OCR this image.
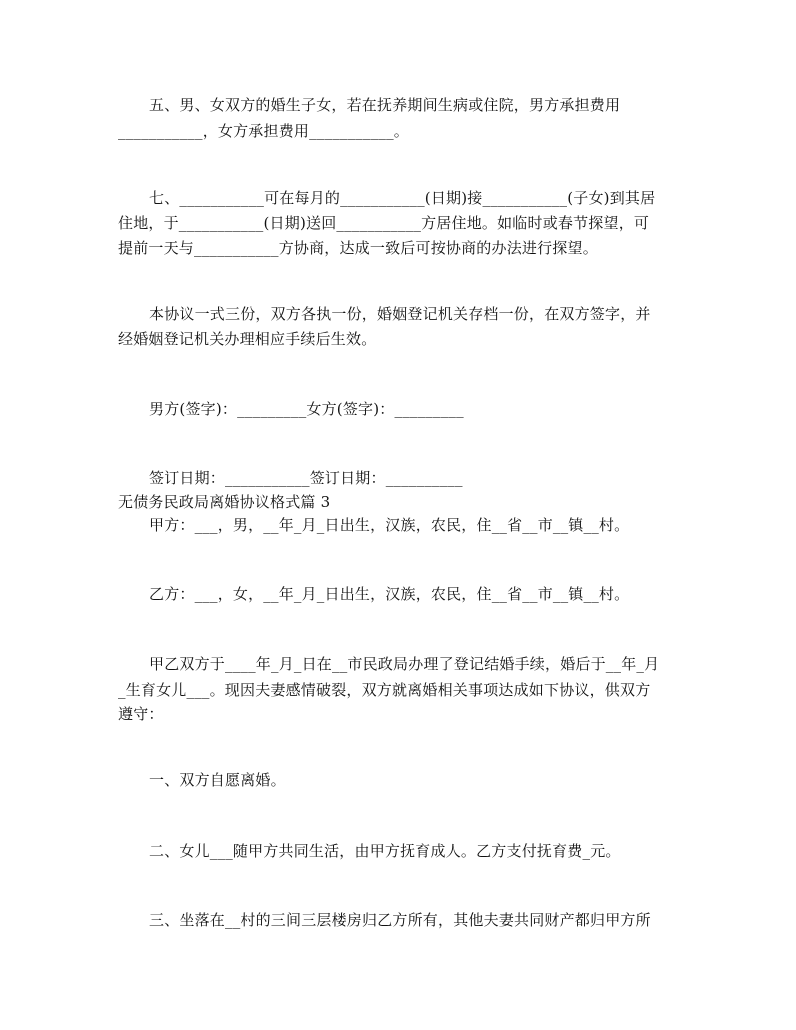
五、男、女双方的婚生子女，若在抚养期间生病或住院，男方承担费用
___________，女方承担费用___________。
七、___________可在每月的___________(日期)接___________(子女)到其居
住地，于___________(日期)送回___________方居住地。如临时或春节探望，可
提前一天与___________方协商，达成一致后可按协商的办法进行探望。
本协议一式三份，双方各执一份，婚姻登记机关存档一份，在双方签字，并
经婚姻登记机关办理相应手续后生效。
男方(签字)：_________女方(签字)：_________
签订日期：___________签订日期：__________
无债务民政局离婚协议格式篇 3
甲方：___，男，__年_月_日出生，汉族，农民，住__省__市__镇__村。
乙方：___，女，__年_月_日出生，汉族，农民，住__省__市__镇__村。
甲乙双方于____年_月_日在__市民政局办理了登记结婚手续，婚后于__年_月
_生育女儿___。现因夫妻感情破裂，双方就离婚相关事项达成如下协议，供双方
遵守：
一、双方自愿离婚。
二、女儿___随甲方共同生活，由甲方抚育成人。乙方支付抚育费_元。
三、坐落在__村的三间三层楼房归乙方所有，其他夫妻共同财产都归甲方所
